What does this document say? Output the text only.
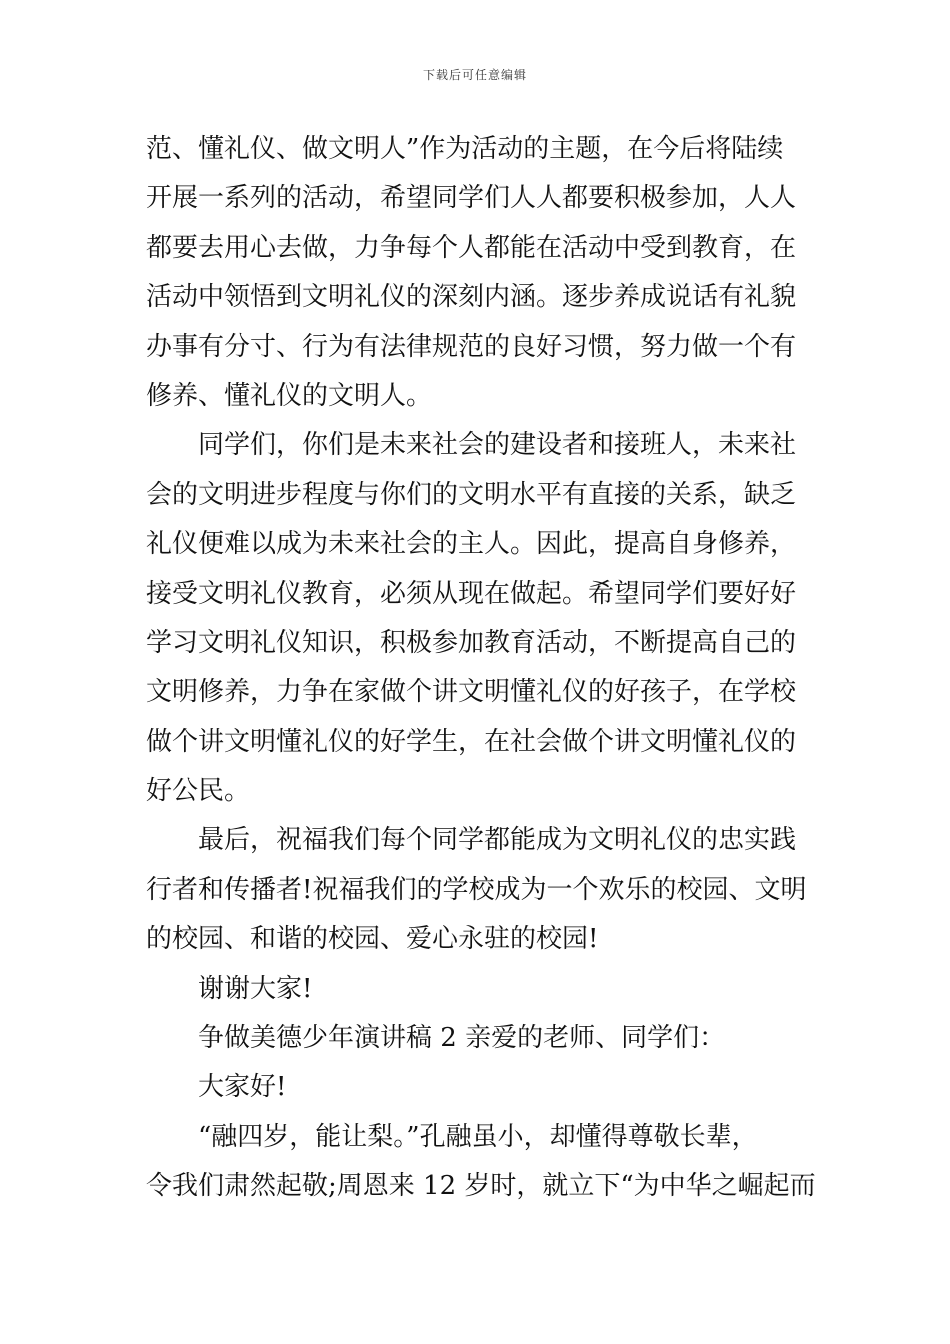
下载后可任意编辑
范、懂礼仪、做文明人”作为活动的主题，在今后将陆续
开展一系列的活动，希望同学们人人都要积极参加，人人
都要去用心去做，力争每个人都能在活动中受到教育，在
活动中领悟到文明礼仪的深刻内涵。逐步养成说话有礼貌
办事有分寸、行为有法律规范的良好习惯，努力做一个有
修养、懂礼仪的文明人。
同学们，你们是未来社会的建设者和接班人，未来社
会的文明进步程度与你们的文明水平有直接的关系，缺乏
礼仪便难以成为未来社会的主人。因此，提高自身修养，
接受文明礼仪教育，必须从现在做起。希望同学们要好好
学习文明礼仪知识，积极参加教育活动，不断提高自己的
文明修养，力争在家做个讲文明懂礼仪的好孩子，在学校
做个讲文明懂礼仪的好学生，在社会做个讲文明懂礼仪的
好公民。
最后，祝福我们每个同学都能成为文明礼仪的忠实践
行者和传播者!祝福我们的学校成为一个欢乐的校园、文明
的校园、和谐的校园、爱心永驻的校园!
谢谢大家!
争做美德少年演讲稿 2 亲爱的老师、同学们：
大家好!
“融四岁，能让梨。”孔融虽小，却懂得尊敬长辈，
令我们肃然起敬;周恩来 12 岁时，就立下“为中华之崛起而
